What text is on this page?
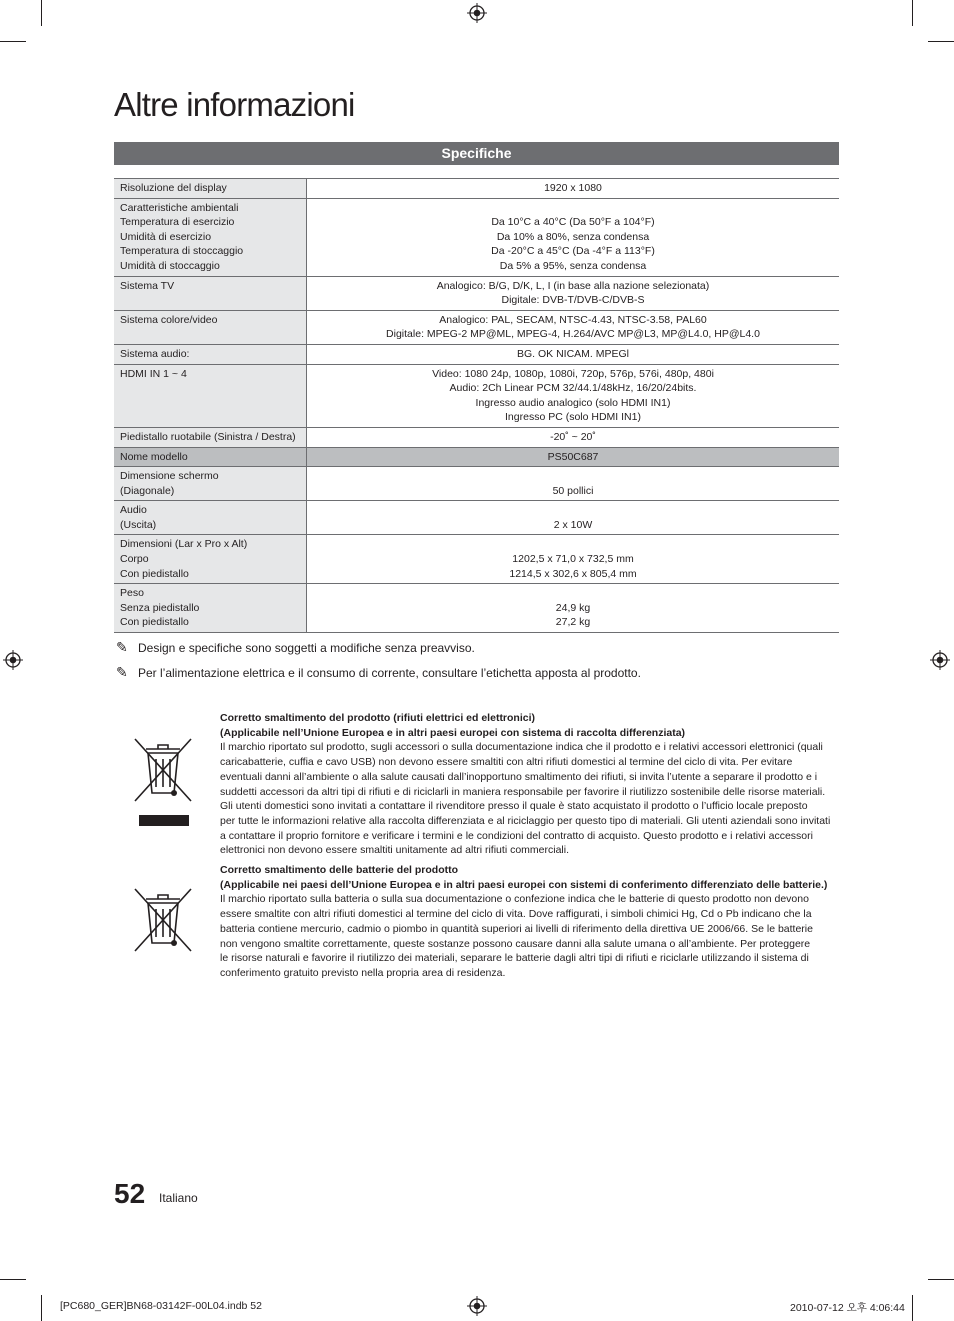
Altre informazioni
Specifiche
Risoluzione del display	1920 x 1080

Caratteristiche ambientali
Temperatura di esercizio
Umidità di esercizio
Temperatura di stoccaggio
Umidità di stoccaggio	Da 10°C a 40°C (Da 50°F a 104°F)
Da 10% a 80%, senza condensa
Da -20°C a 45°C (Da -4°F a 113°F)
Da 5% a 95%, senza condensa

Sistema TV	Analogico: B/G, D/K, L, I (in base alla nazione selezionata)
Digitale: DVB-T/DVB-C/DVB-S

Sistema colore/video	Analogico: PAL, SECAM, NTSC-4.43, NTSC-3.58, PAL60
Digitale: MPEG-2 MP@ML, MPEG-4, H.264/AVC MP@L3, MP@L4.0, HP@L4.0

Sistema audio:	BG. OK NICAM. MPEGl

HDMI IN 1 ~ 4	Video: 1080 24p, 1080p, 1080i, 720p, 576p, 576i, 480p, 480i
Audio: 2Ch Linear PCM 32/44.1/48kHz, 16/20/24bits.
Ingresso audio analogico (solo HDMI IN1)
Ingresso PC (solo HDMI IN1)

Piedistallo ruotabile (Sinistra / Destra)	-20˚ ~ 20˚

Nome modello	PS50C687

Dimensione schermo
(Diagonale)	50 pollici

Audio
(Uscita)	2 x 10W

Dimensioni (Lar x Pro x Alt)
Corpo
Con piedistallo	1202,5 x 71,0 x 732,5 mm
1214,5 x 302,6 x 805,4 mm

Peso
Senza piedistallo
Con piedistallo	24,9 kg
27,2 kg
✎ Design e specifiche sono soggetti a modifiche senza preavviso.
✎ Per l’alimentazione elettrica e il consumo di corrente, consultare l’etichetta apposta al prodotto.
Corretto smaltimento del prodotto (rifiuti elettrici ed elettronici)
(Applicabile nell’Unione Europea e in altri paesi europei con sistema di raccolta differenziata)
Il marchio riportato sul prodotto, sugli accessori o sulla documentazione indica che il prodotto e i relativi accessori elettronici (quali
caricabatterie, cuffia e cavo USB) non devono essere smaltiti con altri rifiuti domestici al termine del ciclo di vita. Per evitare
eventuali danni all’ambiente o alla salute causati dall’inopportuno smaltimento dei rifiuti, si invita l’utente a separare il prodotto e i
suddetti accessori da altri tipi di rifiuti e di riciclarli in maniera responsabile per favorire il riutilizzo sostenibile delle risorse materiali.
Gli utenti domestici sono invitati a contattare il rivenditore presso il quale è stato acquistato il prodotto o l’ufficio locale preposto
per tutte le informazioni relative alla raccolta differenziata e al riciclaggio per questo tipo di materiali. Gli utenti aziendali sono invitati
a contattare il proprio fornitore e verificare i termini e le condizioni del contratto di acquisto. Questo prodotto e i relativi accessori
elettronici non devono essere smaltiti unitamente ad altri rifiuti commerciali.
Corretto smaltimento delle batterie del prodotto
(Applicabile nei paesi dell’Unione Europea e in altri paesi europei con sistemi di conferimento differenziato delle batterie.)
Il marchio riportato sulla batteria o sulla sua documentazione o confezione indica che le batterie di questo prodotto non devono
essere smaltite con altri rifiuti domestici al termine del ciclo di vita. Dove raffigurati, i simboli chimici Hg, Cd o Pb indicano che la
batteria contiene mercurio, cadmio o piombo in quantità superiori ai livelli di riferimento della direttiva UE 2006/66. Se le batterie
non vengono smaltite correttamente, queste sostanze possono causare danni alla salute umana o all’ambiente. Per proteggere
le risorse naturali e favorire il riutilizzo dei materiali, separare le batterie dagli altri tipi di rifiuti e riciclarle utilizzando il sistema di
conferimento gratuito previsto nella propria area di residenza.
52 Italiano
[PC680_GER]BN68-03142F-00L04.indb 52	2010-07-12 오후 4:06:44
